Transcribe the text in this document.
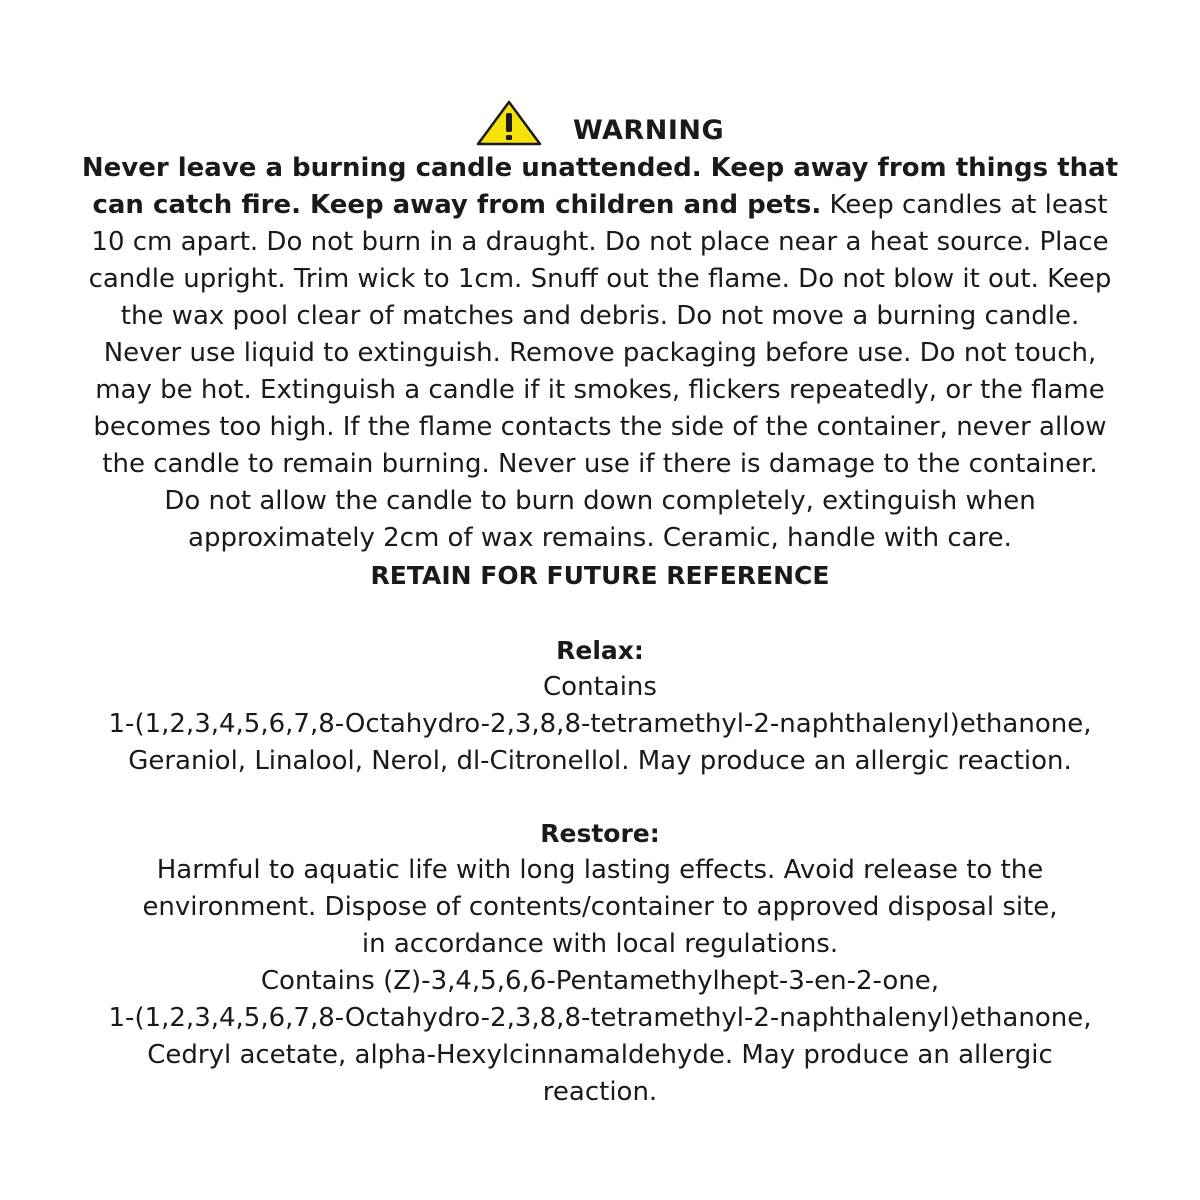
WARNING
Never leave a burning candle unattended. Keep away from things that
can catch fire. Keep away from children and pets. Keep candles at least
10 cm apart. Do not burn in a draught. Do not place near a heat source. Place
candle upright. Trim wick to 1cm. Snuff out the flame. Do not blow it out. Keep
the wax pool clear of matches and debris. Do not move a burning candle.
Never use liquid to extinguish. Remove packaging before use. Do not touch,
may be hot. Extinguish a candle if it smokes, flickers repeatedly, or the flame
becomes too high. If the flame contacts the side of the container, never allow
the candle to remain burning. Never use if there is damage to the container.
Do not allow the candle to burn down completely, extinguish when
approximately 2cm of wax remains. Ceramic, handle with care.
RETAIN FOR FUTURE REFERENCE
Relax:
Contains
1-(1,2,3,4,5,6,7,8-Octahydro-2,3,8,8-tetramethyl-2-naphthalenyl)ethanone,
Geraniol, Linalool, Nerol, dl-Citronellol. May produce an allergic reaction.
Restore:
Harmful to aquatic life with long lasting effects. Avoid release to the
environment. Dispose of contents/container to approved disposal site,
in accordance with local regulations.
Contains (Z)-3,4,5,6,6-Pentamethylhept-3-en-2-one,
1-(1,2,3,4,5,6,7,8-Octahydro-2,3,8,8-tetramethyl-2-naphthalenyl)ethanone,
Cedryl acetate, alpha-Hexylcinnamaldehyde. May produce an allergic
reaction.
